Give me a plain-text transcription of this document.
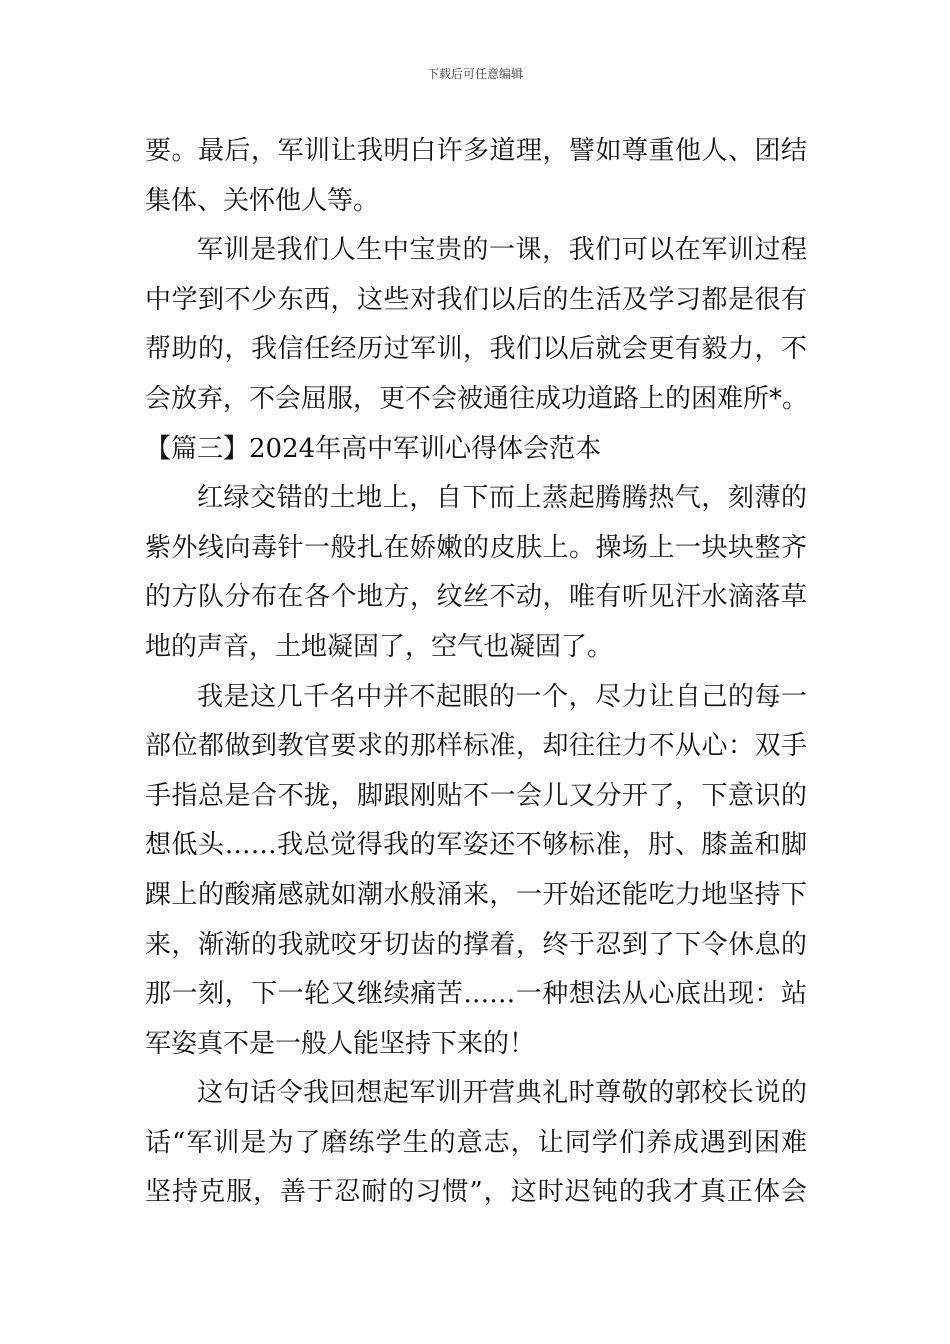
下载后可任意编辑
要。最后，军训让我明白许多道理，譬如尊重他人、团结
集体、关怀他人等。
军训是我们人生中宝贵的一课，我们可以在军训过程
中学到不少东西，这些对我们以后的生活及学习都是很有
帮助的，我信任经历过军训，我们以后就会更有毅力，不
会放弃，不会屈服，更不会被通往成功道路上的困难所*。
【篇三】2024年高中军训心得体会范本
红绿交错的土地上，自下而上蒸起腾腾热气，刻薄的
紫外线向毒针一般扎在娇嫩的皮肤上。操场上一块块整齐
的方队分布在各个地方，纹丝不动，唯有听见汗水滴落草
地的声音，土地凝固了，空气也凝固了。
我是这几千名中并不起眼的一个，尽力让自己的每一
部位都做到教官要求的那样标准，却往往力不从心：双手
手指总是合不拢，脚跟刚贴不一会儿又分开了，下意识的
想低头……我总觉得我的军姿还不够标准，肘、膝盖和脚
踝上的酸痛感就如潮水般涌来，一开始还能吃力地坚持下
来，渐渐的我就咬牙切齿的撑着，终于忍到了下令休息的
那一刻，下一轮又继续痛苦……一种想法从心底出现：站
军姿真不是一般人能坚持下来的！
这句话令我回想起军训开营典礼时尊敬的郭校长说的
话“军训是为了磨练学生的意志，让同学们养成遇到困难
坚持克服，善于忍耐的习惯”，这时迟钝的我才真正体会
